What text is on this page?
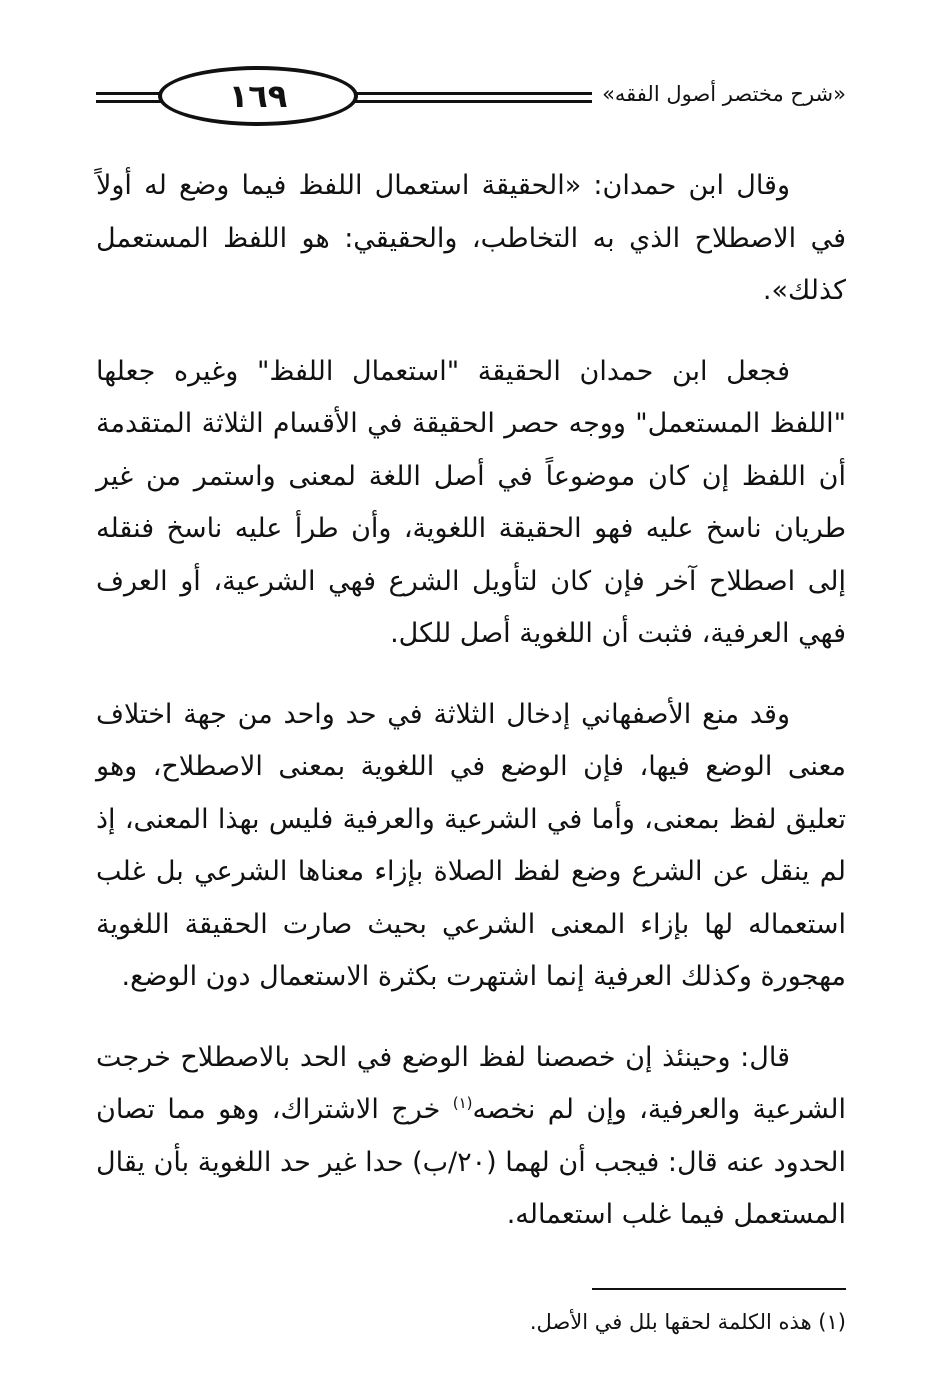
١٦٩	«شرح مختصر أصول الفقه»

وقال ابن حمدان: «الحقيقة استعمال اللفظ فيما وضع له أولاً في الاصطلاح الذي به التخاطب، والحقيقي: هو اللفظ المستعمل كذلك».

فجعل ابن حمدان الحقيقة "استعمال اللفظ" وغيره جعلها "اللفظ المستعمل" ووجه حصر الحقيقة في الأقسام الثلاثة المتقدمة أن اللفظ إن كان موضوعاً في أصل اللغة لمعنى واستمر من غير طريان ناسخ عليه فهو الحقيقة اللغوية، وأن طرأ عليه ناسخ فنقله إلى اصطلاح آخر فإن كان لتأويل الشرع فهي الشرعية، أو العرف فهي العرفية، فثبت أن اللغوية أصل للكل.

وقد منع الأصفهاني إدخال الثلاثة في حد واحد من جهة اختلاف معنى الوضع فيها، فإن الوضع في اللغوية بمعنى الاصطلاح، وهو تعليق لفظ بمعنى، وأما في الشرعية والعرفية فليس بهذا المعنى، إذ لم ينقل عن الشرع وضع لفظ الصلاة بإزاء معناها الشرعي بل غلب استعماله لها بإزاء المعنى الشرعي بحيث صارت الحقيقة اللغوية مهجورة وكذلك العرفية إنما اشتهرت بكثرة الاستعمال دون الوضع.

قال: وحينئذ إن خصصنا لفظ الوضع في الحد بالاصطلاح خرجت الشرعية والعرفية، وإن لم نخصه$^{(١)}$ خرج الاشتراك، وهو مما تصان الحدود عنه قال: فيجب أن لهما (٢٠/ب) حدا غير حد اللغوية بأن يقال المستعمل فيما غلب استعماله.

(١) هذه الكلمة لحقها بلل في الأصل.
